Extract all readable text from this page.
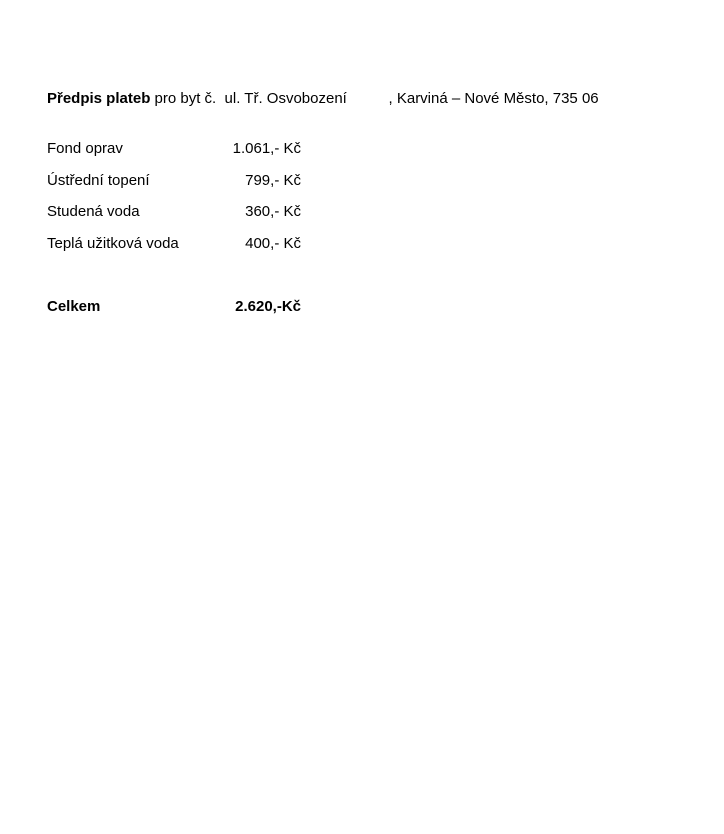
Předpis plateb pro byt č.  ul. Tř. Osvobození          , Karviná – Nové Město, 735 06

Fond oprav	1.061,- Kč
Ústřední topení	799,- Kč
Studená voda	360,- Kč
Teplá užitková voda	400,- Kč
Celkem	2.620,-Kč
